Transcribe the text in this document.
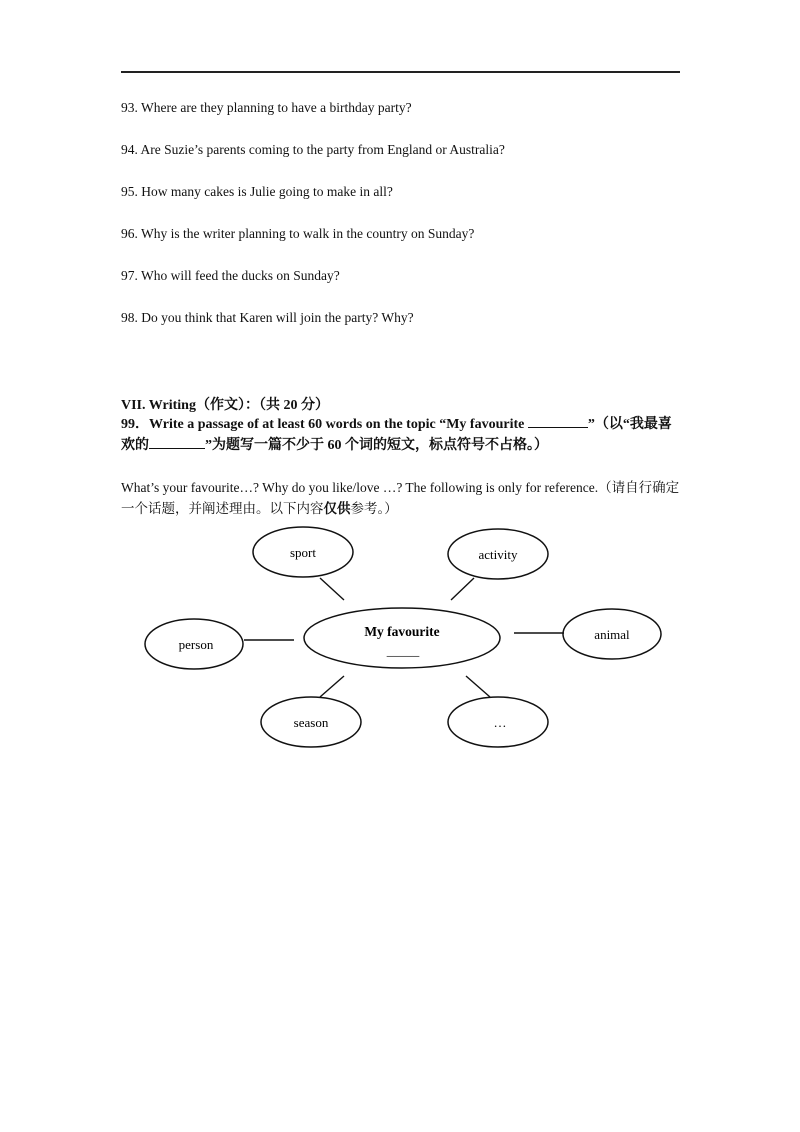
93. Where are they planning to have a birthday party?
94. Are Suzie’s parents coming to the party from England or Australia?
95. How many cakes is Julie going to make in all?
96. Why is the writer planning to walk in the country on Sunday?
97. Who will feed the ducks on Sunday?
98. Do you think that Karen will join the party? Why?
VII. Writing（作文）：（共 20 分）
99．Write a passage of at least 60 words on the topic “My favourite	”（以“我最喜欢的	”为题写一篇不少于 60 个词的短文，标点符号不占格。）
What’s your favourite…? Why do you like/love …? The following is only for reference.（请自行确定一个话题，并阐述理由。以下内容仅供参考。）
My favourite
_____
sport	activity
person
animal
season	…
